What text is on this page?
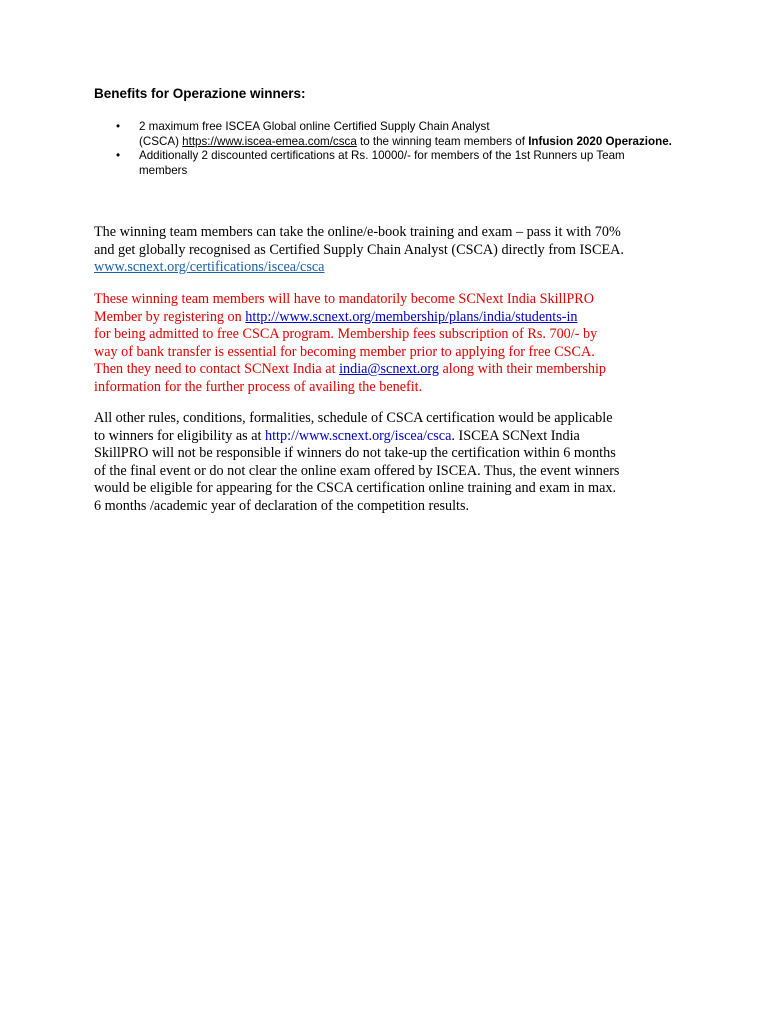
Benefits for Operazione winners:
• 2 maximum free ISCEA Global online Certified Supply Chain Analyst
(CSCA) https://www.iscea-emea.com/csca to the winning team members of Infusion 2020 Operazione.
• Additionally 2 discounted certifications at Rs. 10000/- for members of the 1st Runners up Team members

The winning team members can take the online/e-book training and exam – pass it with 70%
and get globally recognised as Certified Supply Chain Analyst (CSCA) directly from ISCEA.
www.scnext.org/certifications/iscea/csca

These winning team members will have to mandatorily become SCNext India SkillPRO
Member by registering on http://www.scnext.org/membership/plans/india/students-in
for being admitted to free CSCA program. Membership fees subscription of Rs. 700/- by
way of bank transfer is essential for becoming member prior to applying for free CSCA.
Then they need to contact SCNext India at india@scnext.org along with their membership
information for the further process of availing the benefit.

All other rules, conditions, formalities, schedule of CSCA certification would be applicable
to winners for eligibility as at http://www.scnext.org/iscea/csca. ISCEA SCNext India
SkillPRO will not be responsible if winners do not take-up the certification within 6 months
of the final event or do not clear the online exam offered by ISCEA. Thus, the event winners
would be eligible for appearing for the CSCA certification online training and exam in max.
6 months /academic year of declaration of the competition results.
